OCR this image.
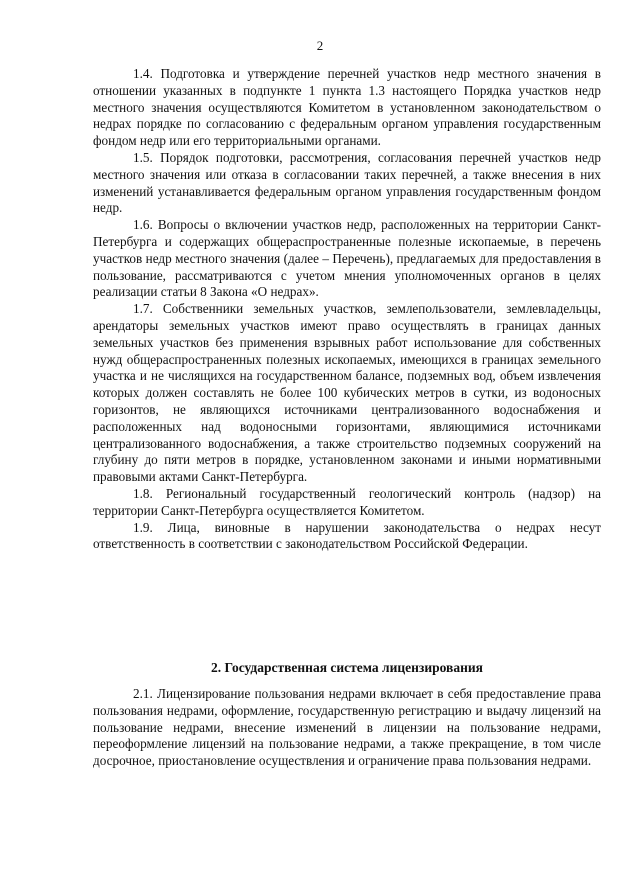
2

1.4. Подготовка и утверждение перечней участков недр местного значения в отношении указанных в подпункте 1 пункта 1.3 настоящего Порядка участков недр местного значения осуществляются Комитетом в установленном законодательством о недрах порядке по согласованию с федеральным органом управления государственным фондом недр или его территориальными органами.

1.5. Порядок подготовки, рассмотрения, согласования перечней участков недр местного значения или отказа в согласовании таких перечней, а также внесения в них изменений устанавливается федеральным органом управления государственным фондом недр.

1.6. Вопросы о включении участков недр, расположенных на территории Санкт-Петербурга и содержащих общераспространенные полезные ископаемые, в перечень участков недр местного значения (далее – Перечень), предлагаемых для предоставления в пользование, рассматриваются с учетом мнения уполномоченных органов в целях реализации статьи 8 Закона «О недрах».

1.7. Собственники земельных участков, землепользователи, землевладельцы, арендаторы земельных участков имеют право осуществлять в границах данных земельных участков без применения взрывных работ использование для собственных нужд общераспространенных полезных ископаемых, имеющихся в границах земельного участка и не числящихся на государственном балансе, подземных вод, объем извлечения которых должен составлять не более 100 кубических метров в сутки, из водоносных горизонтов, не являющихся источниками централизованного водоснабжения и расположенных над водоносными горизонтами, являющимися источниками централизованного водоснабжения, а также строительство подземных сооружений на глубину до пяти метров в порядке, установленном законами и иными нормативными правовыми актами Санкт-Петербурга.

1.8. Региональный государственный геологический контроль (надзор) на территории Санкт-Петербурга осуществляется Комитетом.

1.9. Лица, виновные в нарушении законодательства о недрах несут ответственность в соответствии с законодательством Российской Федерации.

2. Государственная система лицензирования

2.1. Лицензирование пользования недрами включает в себя предоставление права пользования недрами, оформление, государственную регистрацию и выдачу лицензий на пользование недрами, внесение изменений в лицензии на пользование недрами, переоформление лицензий на пользование недрами, а также прекращение, в том числе досрочное, приостановление осуществления и ограничение права пользования недрами.
